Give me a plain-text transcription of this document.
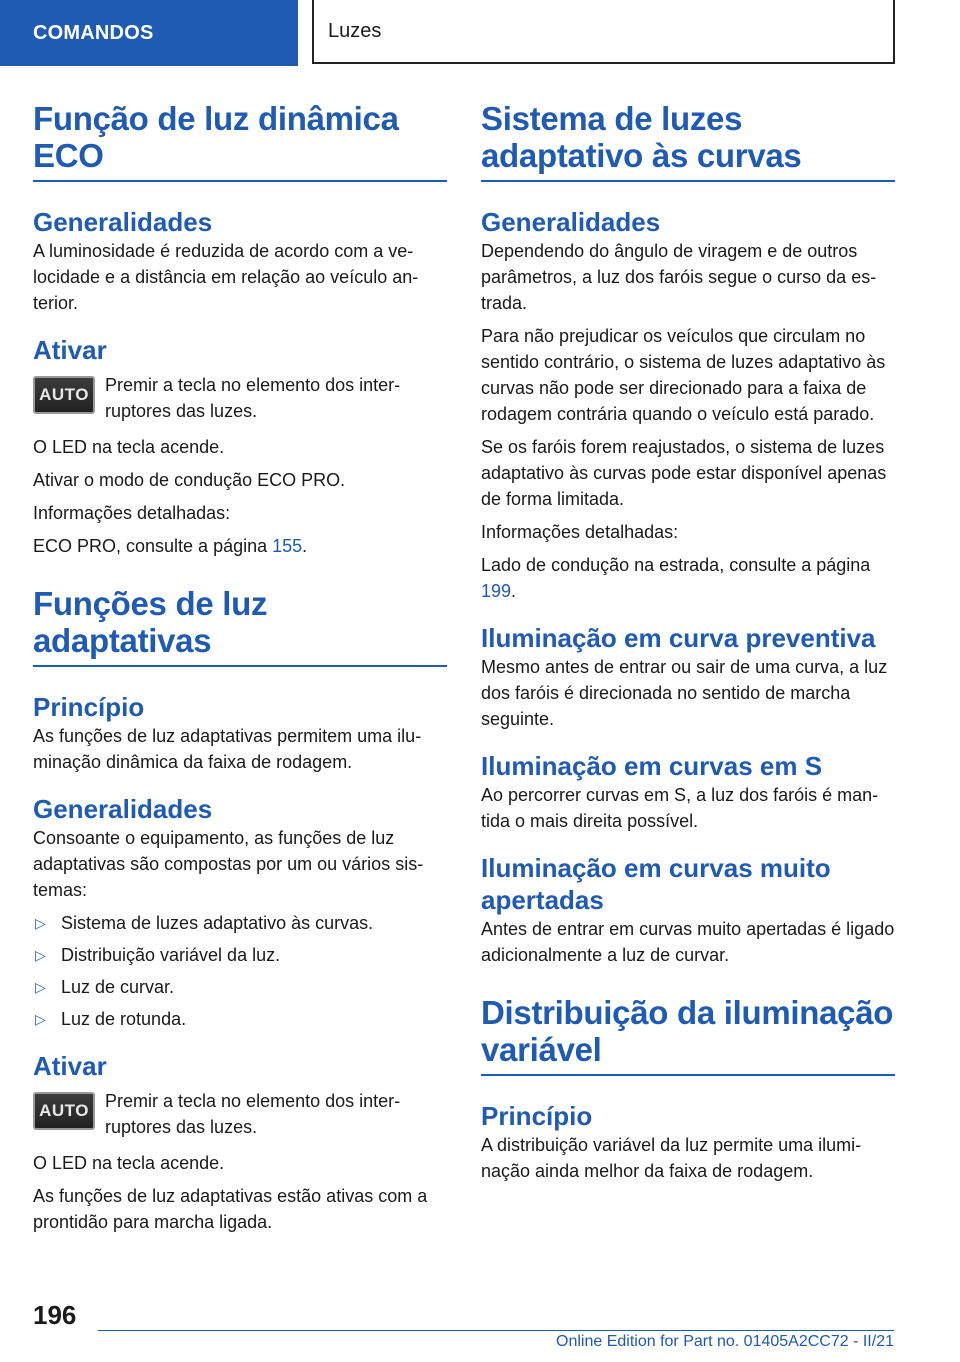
COMANDOS	Luzes
Função de luz dinâmica ECO
Generalidades

A luminosidade é reduzida de acordo com a velocidade e a distância em relação ao veículo anterior.

Ativar
AUTO Premir a tecla no elemento dos interruptores das luzes.

O LED na tecla acende.

Ativar o modo de condução ECO PRO.

Informações detalhadas:

ECO PRO, consulte a página 155.

Funções de luz adaptativas
Princípio

As funções de luz adaptativas permitem uma iluminação dinâmica da faixa de rodagem.

Generalidades

Consoante o equipamento, as funções de luz adaptativas são compostas por um ou vários sistemas:

▷ Sistema de luzes adaptativo às curvas.
▷ Distribuição variável da luz.
▷ Luz de curvar.
▷ Luz de rotunda.
Ativar
AUTO Premir a tecla no elemento dos interruptores das luzes.

O LED na tecla acende.

As funções de luz adaptativas estão ativas com a prontidão para marcha ligada.

Sistema de luzes adaptativo às curvas
Generalidades

Dependendo do ângulo de viragem e de outros parâmetros, a luz dos faróis segue o curso da estrada.

Para não prejudicar os veículos que circulam no sentido contrário, o sistema de luzes adaptativo às curvas não pode ser direcionado para a faixa de rodagem contrária quando o veículo está parado.

Se os faróis forem reajustados, o sistema de luzes adaptativo às curvas pode estar disponível apenas de forma limitada.

Informações detalhadas:

Lado de condução na estrada, consulte a página 199.

Iluminação em curva preventiva

Mesmo antes de entrar ou sair de uma curva, a luz dos faróis é direcionada no sentido de marcha seguinte.

Iluminação em curvas em S

Ao percorrer curvas em S, a luz dos faróis é mantida o mais direita possível.

Iluminação em curvas muito apertadas

Antes de entrar em curvas muito apertadas é ligado adicionalmente a luz de curvar.

Distribuição da iluminação variável
Princípio

A distribuição variável da luz permite uma iluminação ainda melhor da faixa de rodagem.

196
Online Edition for Part no. 01405A2CC72 - II/21
